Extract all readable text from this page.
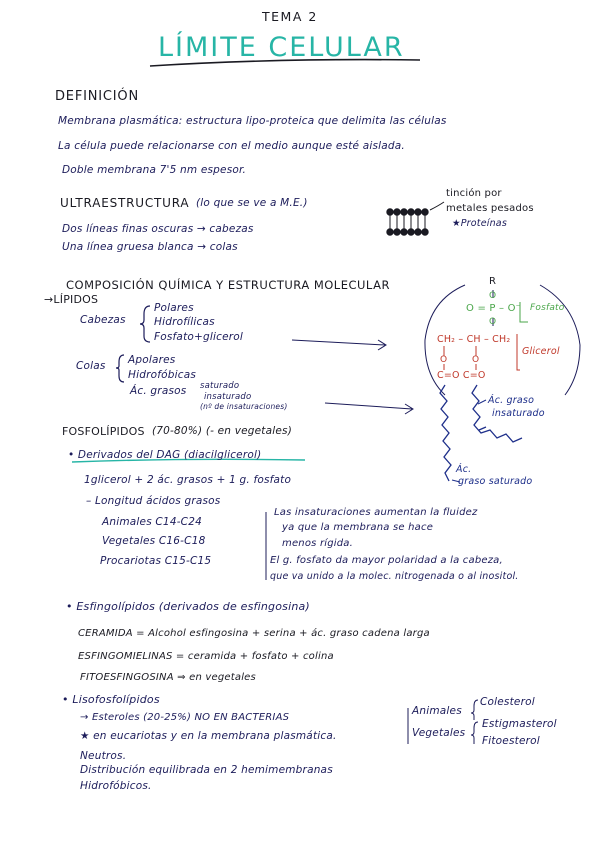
TEMA 2
LÍMITE CELULAR
DEFINICIÓN
Membrana plasmática: estructura lipo-proteica que delimita las células
La célula puede relacionarse con el medio aunque esté aislada.
Doble membrana 7'5 nm espesor.
ULTRAESTRUCTURA (lo que se ve a M.E.)
Dos líneas finas oscuras → cabezas
Una línea gruesa blanca → colas
tinción por
metales pesados
★Proteínas
COMPOSICIÓN QUÍMICA Y ESTRUCTURA MOLECULAR
→LÍPIDOS
Cabezas
Polares
Hidrofílicas
Fosfato+glicerol
Colas Apolares
Hidrofóbicas
Ác. grasos saturado
insaturado
(nº de insaturaciones)
R
O
O = P – O⁻
O
Fosfato
CH₂ – CH – CH₂
Glicerol
O	O
C=O C=O
Ác. graso
insaturado
Ác.
graso saturado
FOSFOLÍPIDOS (70-80%) (- en vegetales)
• Derivados del DAG (diacilglicerol)
1glicerol + 2 ác. grasos + 1 g. fosfato
– Longitud ácidos grasos
Animales C14-C24
Vegetales C16-C18
Procariotas C15-C15
Las insaturaciones aumentan la fluidez
ya que la membrana se hace
menos rígida.
El g. fosfato da mayor polaridad a la cabeza,
que va unido a la molec. nitrogenada o al inositol.
• Esfingolípidos (derivados de esfingosina)
CERAMIDA = Alcohol esfingosina + serina + ác. graso cadena larga
ESFINGOMIELINAS = ceramida + fosfato + colina
FITOESFINGOSINA ⇒ en vegetales
• Lisofosfolípidos
→ Esteroles (20-25%) NO EN BACTERIAS
★ en eucariotas y en la membrana plasmática.
Neutros.
Distribución equilibrada en 2 hemimembranas
Hidrofóbicos.
Animales
Colesterol
Vegetales
Estigmasterol
Fitoesterol
